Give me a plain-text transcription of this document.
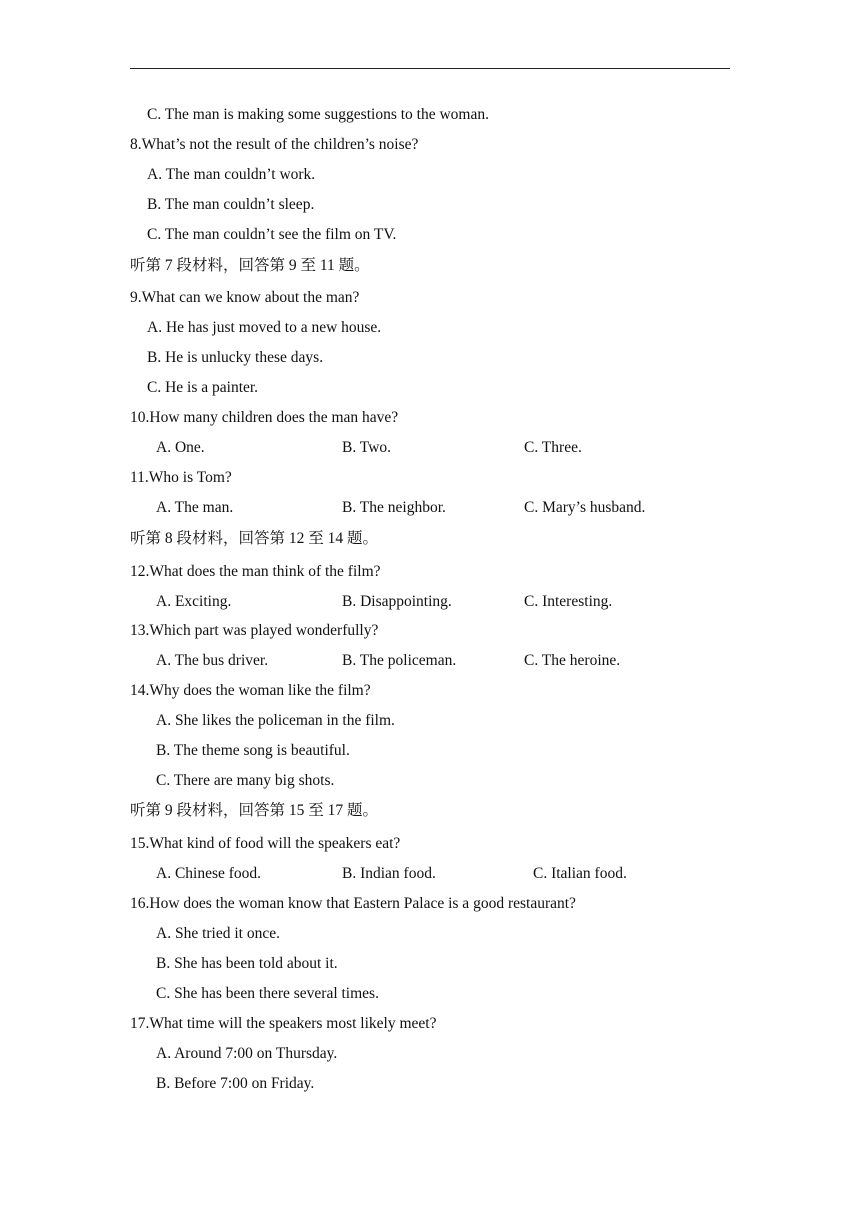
C. The man is making some suggestions to the woman.
8.What’s not the result of the children’s noise?
A. The man couldn’t work.
B. The man couldn’t sleep.
C. The man couldn’t see the film on TV.
听第 7 段材料，回答第 9 至 11 题。
9.What can we know about the man?
A. He has just moved to a new house.
B. He is unlucky these days.
C. He is a painter.
10.How many children does the man have?
A. One.	B. Two.	C. Three.
11.Who is Tom?
A. The man.	B. The neighbor.	C. Mary’s husband.
听第 8 段材料，回答第 12 至 14 题。
12.What does the man think of the film?
A. Exciting.	B. Disappointing.	C. Interesting.
13.Which part was played wonderfully?
A. The bus driver.	B. The policeman.	C. The heroine.
14.Why does the woman like the film?
A. She likes the policeman in the film.
B. The theme song is beautiful.
C. There are many big shots.
听第 9 段材料，回答第 15 至 17 题。
15.What kind of food will the speakers eat?
A. Chinese food.	B. Indian food.	C. Italian food.
16.How does the woman know that Eastern Palace is a good restaurant?
A. She tried it once.
B. She has been told about it.
C. She has been there several times.
17.What time will the speakers most likely meet?
A. Around 7:00 on Thursday.
B. Before 7:00 on Friday.
